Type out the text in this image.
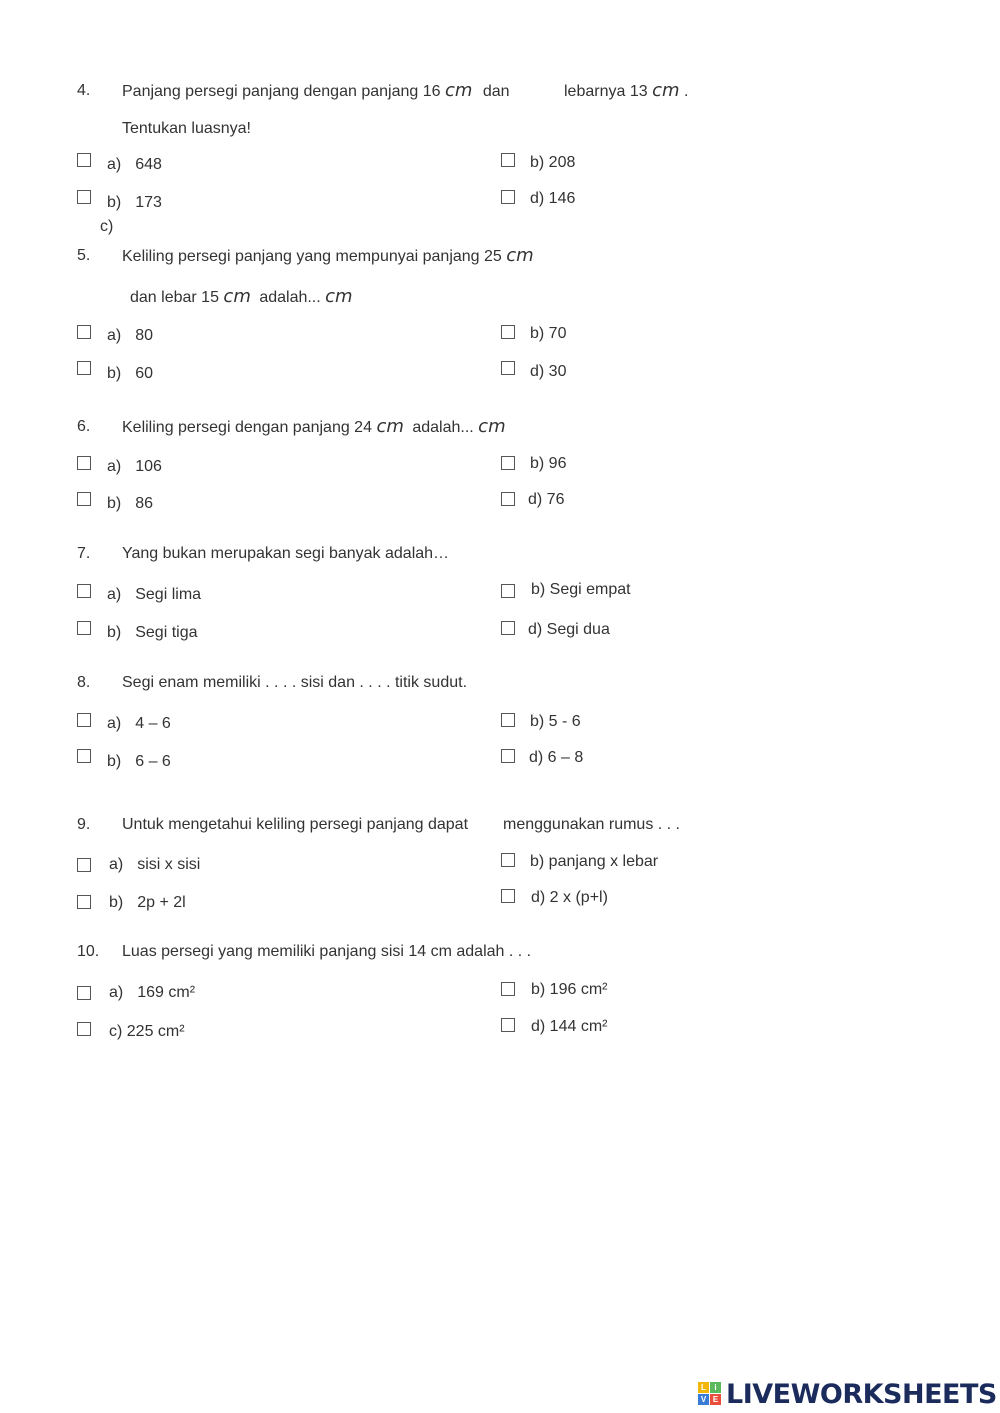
4. Panjang persegi panjang dengan panjang 16 cm dan	lebarnya 13 cm .
Tentukan luasnya!
a) 648	b) 208
b) 173	d) 146
c)
5. Keliling persegi panjang yang mempunyai panjang 25 cm
dan lebar 15 cm adalah... cm
a) 80	b) 70
b) 60	d) 30
6. Keliling persegi dengan panjang 24 cm adalah... cm
a) 106	b) 96
b) 86	d) 76
7. Yang bukan merupakan segi banyak adalah…
a) Segi lima	b) Segi empat
b) Segi tiga	d) Segi dua
8. Segi enam memiliki . . . . sisi dan . . . . titik sudut.
a) 4 – 6	b) 5 - 6
b) 6 – 6	d) 6 – 8
9. Untuk mengetahui keliling persegi panjang dapat menggunakan rumus . . .
a) sisi x sisi	b) panjang x lebar
b) 2p + 2l	d) 2 x (p+l)
10. Luas persegi yang memiliki panjang sisi 14 cm adalah . . .
a) 169 cm²	b) 196 cm²
c) 225 cm²	d) 144 cm²
L	i
V E LIVEWORKSHEETS
